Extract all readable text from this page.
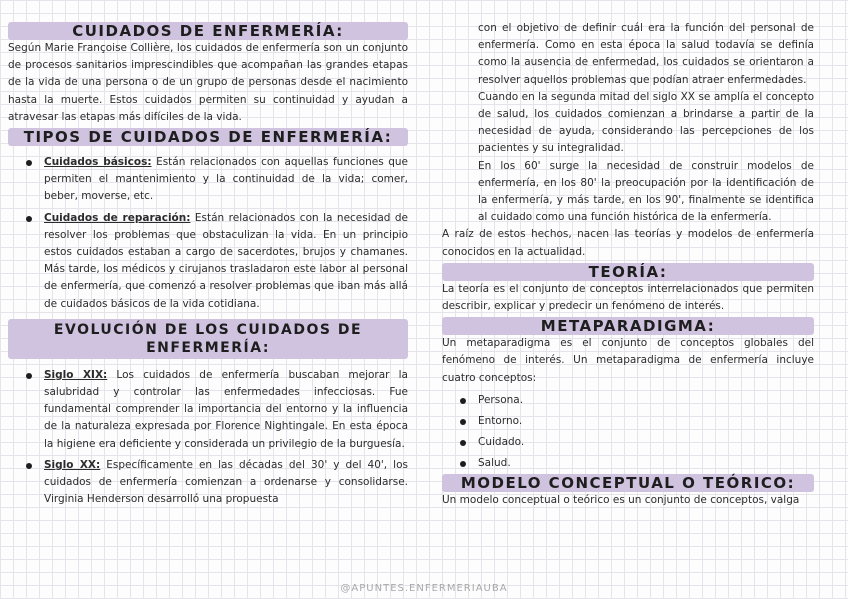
CUIDADOS DE ENFERMERÍA:

Según Marie Françoise Collière, los cuidados de enfermería son un conjunto de procesos sanitarios imprescindibles que acompañan las grandes etapas de la vida de una persona o de un grupo de personas desde el nacimiento hasta la muerte. Estos cuidados permiten su continuidad y ayudan a atravesar las etapas más difíciles de la vida.

TIPOS DE CUIDADOS DE ENFERMERÍA:
Cuidados básicos: Están relacionados con aquellas funciones que permiten el mantenimiento y la continuidad de la vida; comer, beber, moverse, etc.
Cuidados de reparación: Están relacionados con la necesidad de resolver los problemas que obstaculizan la vida. En un principio estos cuidados estaban a cargo de sacerdotes, brujos y chamanes. Más tarde, los médicos y cirujanos trasladaron este labor al personal de enfermería, que comenzó a resolver problemas que iban más allá de cuidados básicos de la vida cotidiana.
EVOLUCIÓN DE LOS CUIDADOS DE ENFERMERÍA:
Siglo XIX: Los cuidados de enfermería buscaban mejorar la salubridad y controlar las enfermedades infecciosas. Fue fundamental comprender la importancia del entorno y la influencia de la naturaleza expresada por Florence Nightingale. En esta época la higiene era deficiente y considerada un privilegio de la burguesía.
Siglo XX: Específicamente en las décadas del 30' y del 40', los cuidados de enfermería comienzan a ordenarse y consolidarse. Virginia Henderson desarrolló una propuesta

con el objetivo de definir cuál era la función del personal de enfermería. Como en esta época la salud todavía se definía como la ausencia de enfermedad, los cuidados se orientaron a resolver aquellos problemas que podían atraer enfermedades.

Cuando en la segunda mitad del siglo XX se amplía el concepto de salud, los cuidados comienzan a brindarse a partir de la necesidad de ayuda, considerando las percepciones de los pacientes y su integralidad.

En los 60' surge la necesidad de construir modelos de enfermería, en los 80' la preocupación por la identificación de la enfermería, y más tarde, en los 90', finalmente se identifica al cuidado como una función histórica de la enfermería.

A raíz de estos hechos, nacen las teorías y modelos de enfermería conocidos en la actualidad.

TEORÍA:

La teoría es el conjunto de conceptos interrelacionados que permiten describir, explicar y predecir un fenómeno de interés.

METAPARADIGMA:

Un metaparadigma es el conjunto de conceptos globales del fenómeno de interés. Un metaparadigma de enfermería incluye cuatro conceptos:

Persona.
Entorno.
Cuidado.
Salud.
MODELO CONCEPTUAL O TEÓRICO:

Un modelo conceptual o teórico es un conjunto de conceptos, valga

@APUNTES.ENFERMERIAUBA
